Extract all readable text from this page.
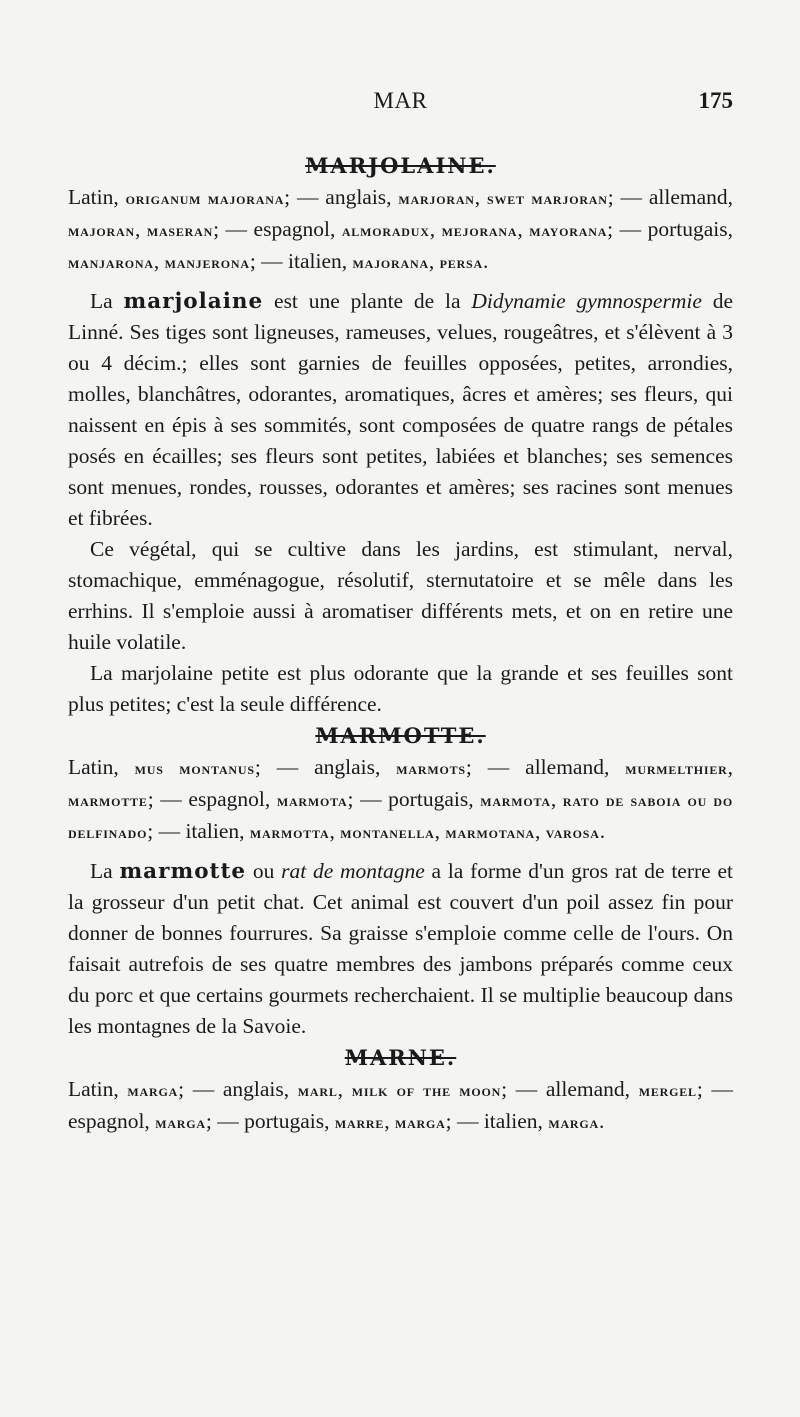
MAR	175
MARJOLAINE.

Latin, origanum majorana; — anglais, marjoran, swet marjoran; — allemand, majoran, maseran; — espagnol, almoradux, mejorana, mayorana; — portugais, manjarona, manjerona; — italien, majorana, persa.

La marjolaine est une plante de la Didynamie gymnospermie de Linné. Ses tiges sont ligneuses, rameuses, velues, rougeâtres, et s'élèvent à 3 ou 4 décim.; elles sont garnies de feuilles opposées, petites, arrondies, molles, blanchâtres, odorantes, aromatiques, âcres et amères; ses fleurs, qui naissent en épis à ses sommités, sont composées de quatre rangs de pétales posés en écailles; ses fleurs sont petites, labiées et blanches; ses semences sont menues, rondes, rousses, odorantes et amères; ses racines sont menues et fibrées.

Ce végétal, qui se cultive dans les jardins, est stimulant, nerval, stomachique, emménagogue, résolutif, sternutatoire et se mêle dans les errhins. Il s'emploie aussi à aromatiser différents mets, et on en retire une huile volatile.

La marjolaine petite est plus odorante que la grande et ses feuilles sont plus petites; c'est la seule différence.

MARMOTTE.

Latin, mus montanus; — anglais, marmots; — allemand, murmelthier, marmotte; — espagnol, marmota; — portugais, marmota, rato de saboia ou do delfinado; — italien, marmotta, montanella, marmotana, varosa.

La marmotte ou rat de montagne a la forme d'un gros rat de terre et la grosseur d'un petit chat. Cet animal est couvert d'un poil assez fin pour donner de bonnes fourrures. Sa graisse s'emploie comme celle de l'ours. On faisait autrefois de ses quatre membres des jambons préparés comme ceux du porc et que certains gourmets recherchaient. Il se multiplie beaucoup dans les montagnes de la Savoie.

MARNE.

Latin, marga; — anglais, marl, milk of the moon; — allemand, mergel; — espagnol, marga; — portugais, marre, marga; — italien, marga.
